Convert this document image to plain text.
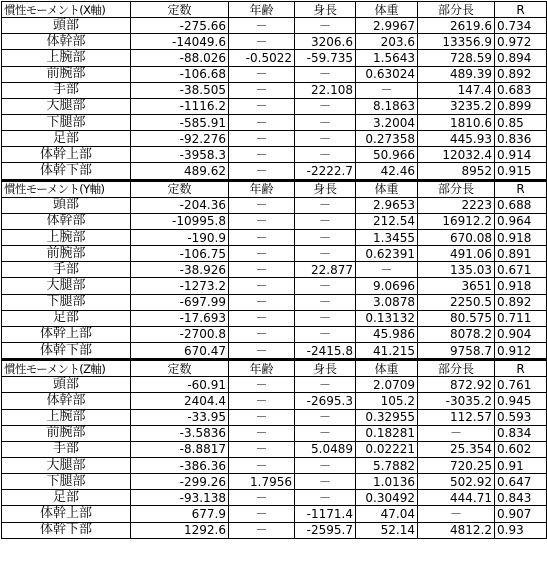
慣性モーメント(X軸)	定数	年齢	身長	体重	部分長	R
頭部	-275.66	－	－	2.9967	2619.6	0.734
体幹部	-14049.6	－	3206.6	203.6	13356.9	0.972
上腕部	-88.026	-0.5022	-59.735	1.5643	728.59	0.894
前腕部	-106.68	－	－	0.63024	489.39	0.892
手部	-38.505	－	22.108	－	147.4	0.683
大腿部	-1116.2	－	－	8.1863	3235.2	0.899
下腿部	-585.91	－	－	3.2004	1810.6	0.85
足部	-92.276	－	－	0.27358	445.93	0.836
体幹上部	-3958.3	－	－	50.966	12032.4	0.914
体幹下部	489.62	－	-2222.7	42.46	8952	0.915
慣性モーメント(Y軸)	定数	年齢	身長	体重	部分長	R
頭部	-204.36	－	－	2.9653	2223	0.688
体幹部	-10995.8	－	－	212.54	16912.2	0.964
上腕部	-190.9	－	－	1.3455	670.08	0.918
前腕部	-106.75	－	－	0.62391	491.06	0.891
手部	-38.926	－	22.877	－	135.03	0.671
大腿部	-1273.2	－	－	9.0696	3651	0.918
下腿部	-697.99	－	－	3.0878	2250.5	0.892
足部	-17.693	－	－	0.13132	80.575	0.711
体幹上部	-2700.8	－	－	45.986	8078.2	0.904
体幹下部	670.47	－	-2415.8	41.215	9758.7	0.912
慣性モーメント(Z軸)	定数	年齢	身長	体重	部分長	R
頭部	-60.91	－	－	2.0709	872.92	0.761
体幹部	2404.4	－	-2695.3	105.2	-3035.2	0.945
上腕部	-33.95	－	－	0.32955	112.57	0.593
前腕部	-3.5836	－	－	0.18281	－	0.834
手部	-8.8817	－	5.0489	0.02221	25.354	0.602
大腿部	-386.36	－	－	5.7882	720.25	0.91
下腿部	-299.26	1.7956	－	1.0136	502.92	0.647
足部	-93.138	－	－	0.30492	444.71	0.843
体幹上部	677.9	－	-1171.4	47.04	－	0.907
体幹下部	1292.6	－	-2595.7	52.14	4812.2	0.93
